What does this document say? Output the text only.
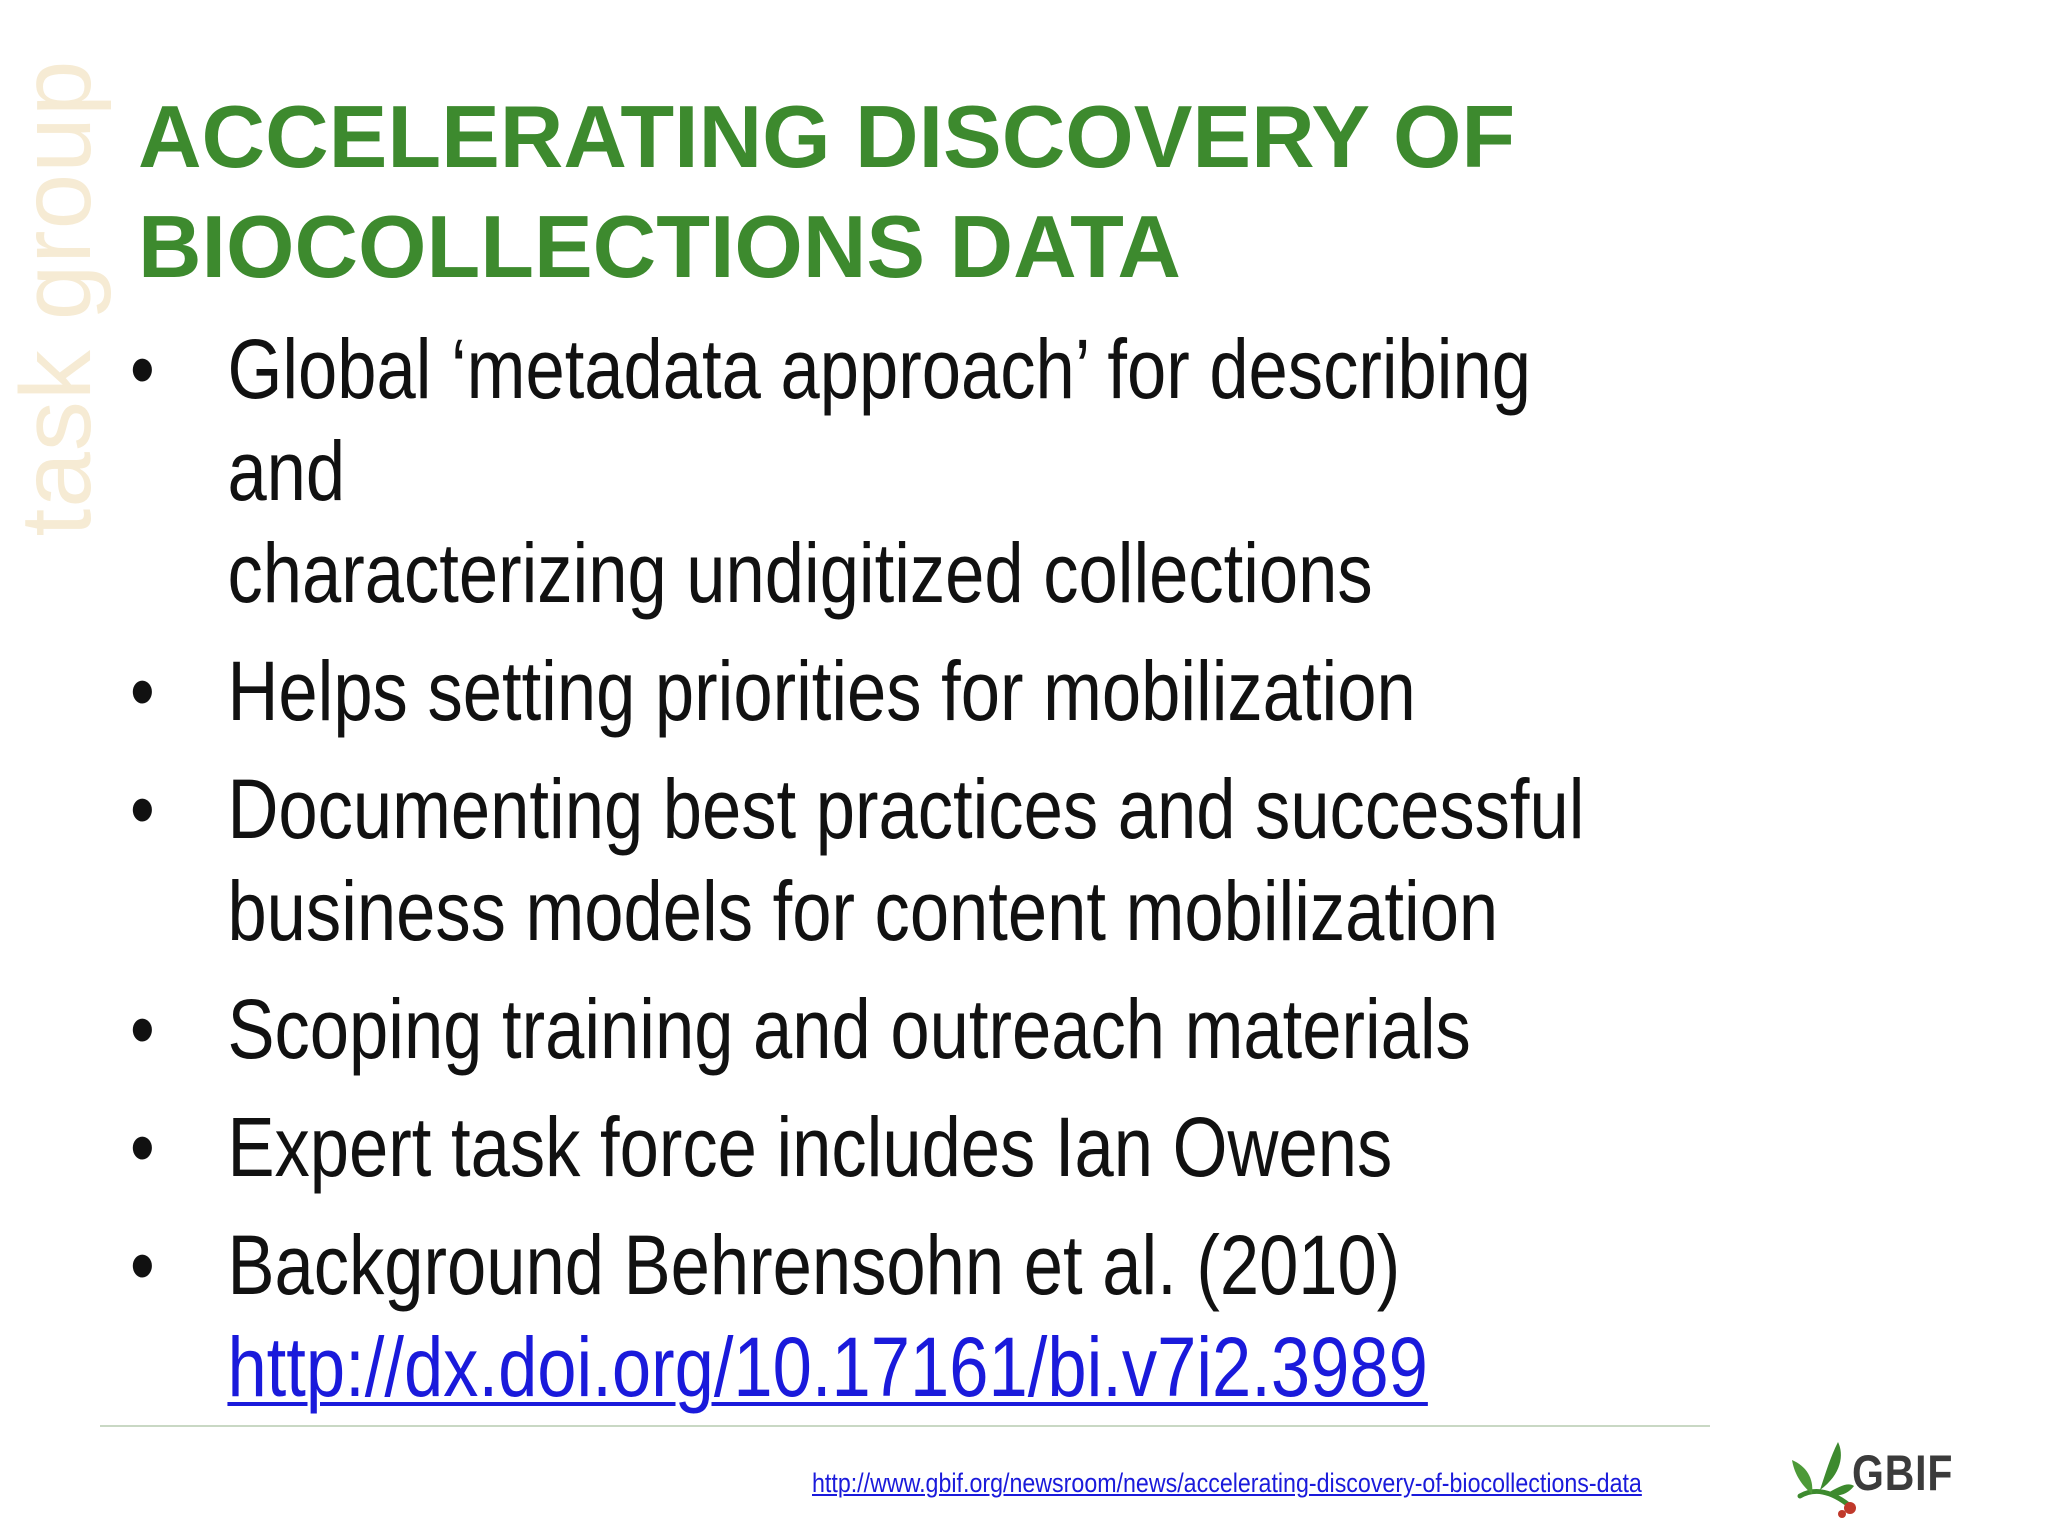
task group ACCELERATING DISCOVERY OF
BIOCOLLECTIONS DATA
• Global ‘metadata approach’ for describing and
characterizing undigitized collections
• Helps setting priorities for mobilization
• Documenting best practices and successful
business models for content mobilization
• Scoping training and outreach materials
• Expert task force includes Ian Owens
• Background Behrensohn et al. (2010)
http://dx.doi.org/10.17161/bi.v7i2.3989
http://www.gbif.org/newsroom/news/accelerating-discovery-of-biocollections-data	GBIF
